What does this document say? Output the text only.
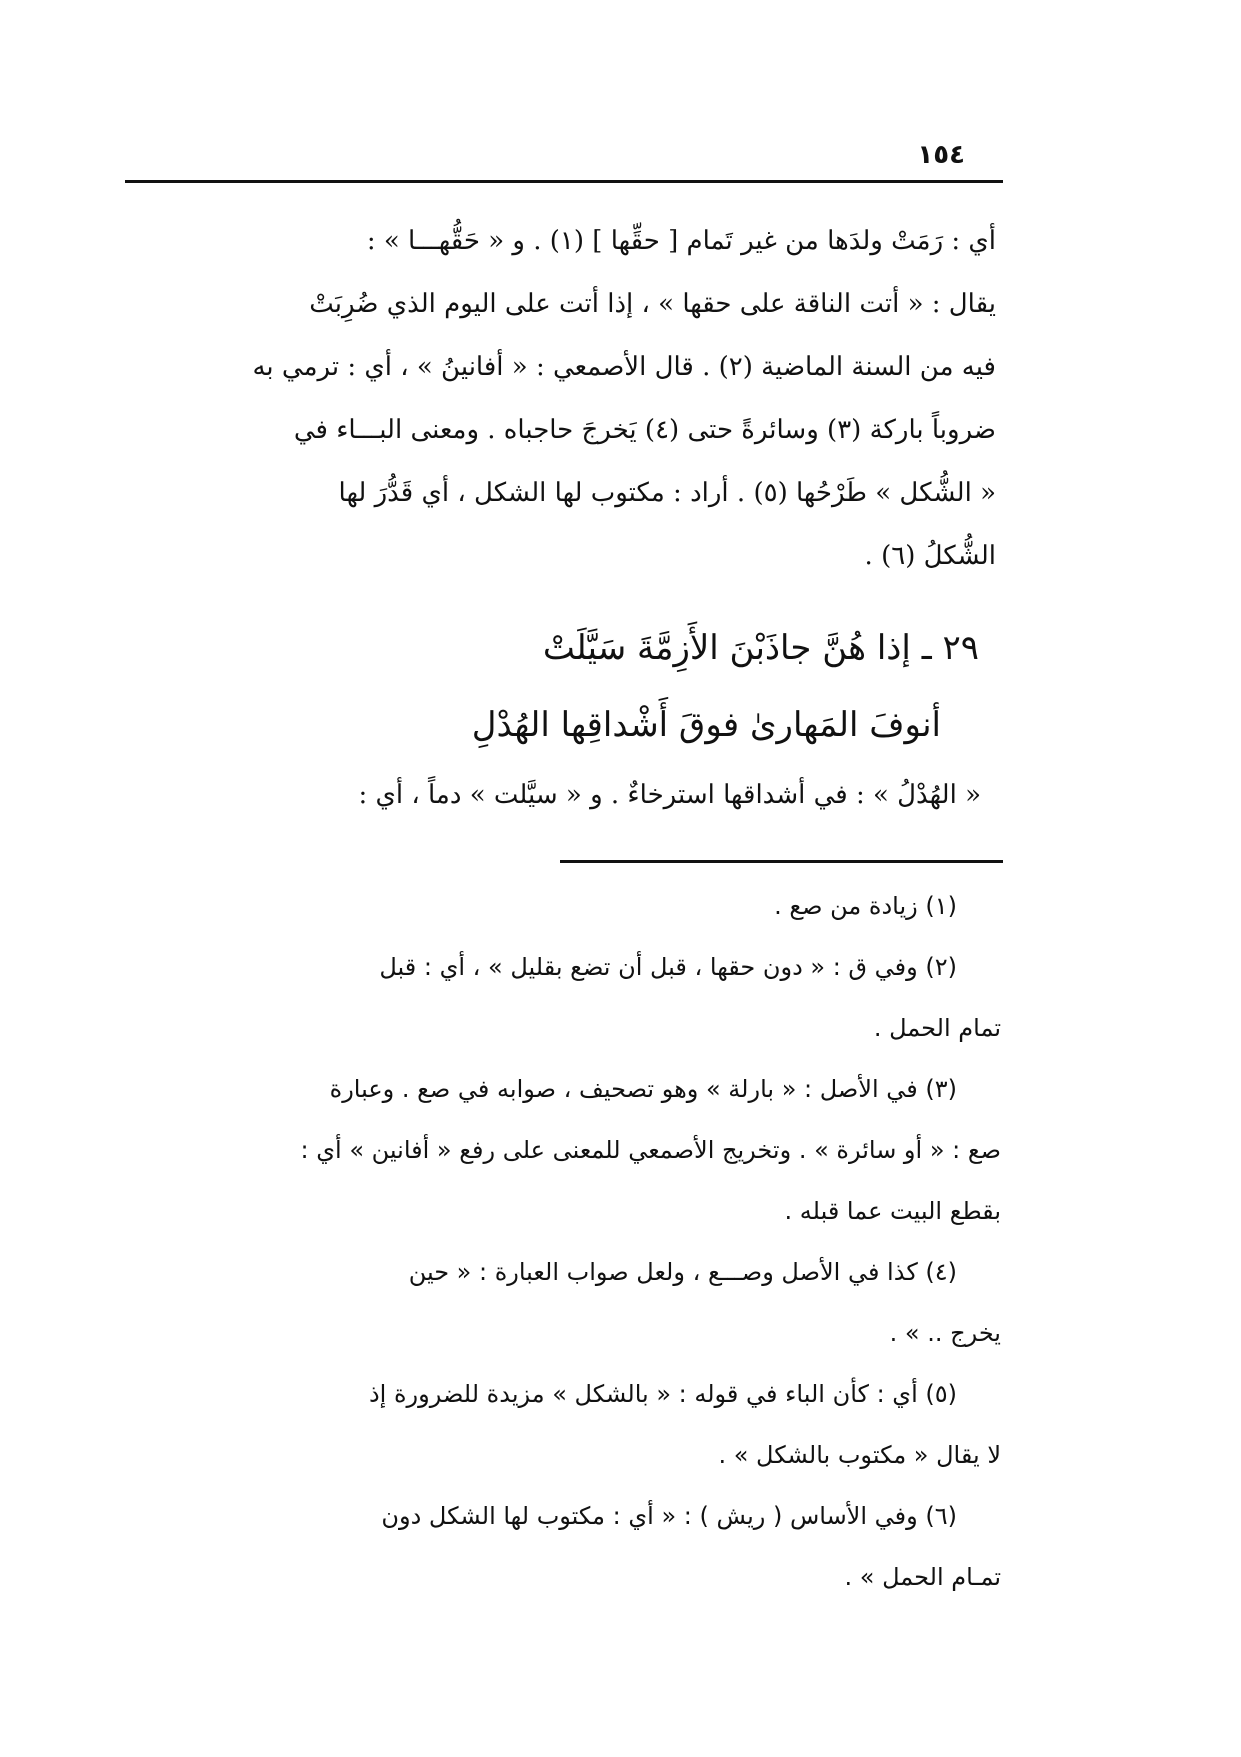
١٥٤
أي : رَمَتْ ولدَها من غير تَمام [ حقِّها ] (١) . و « حَقُّهـــا » :
يقال : « أتت الناقة على حقها » ، إذا أتت على اليوم الذي ضُرِبَتْ
فيه من السنة الماضية (٢) . قال الأصمعي : « أفانينُ » ، أي : ترمي به
ضروباً باركة (٣) وسائرةً حتى (٤) يَخرجَ حاجباه . ومعنى البـــاء في
« الشُّكل » طَرْحُها (٥) . أراد : مكتوب لها الشكل ، أي قَدُّرَ لها
الشُّكلُ (٦) .
٢٩ ـ إذا هُنَّ جاذَبْنَ الأَزِمَّةَ سَيَّلَتْ
أنوفَ المَهارىٰ فوقَ أَشْداقِها الهُدْلِ
« الهُدْلُ » : في أشداقها استرخاءٌ . و « سيَّلت » دماً ، أي :
(١) زيادة من صع .
(٢) وفي ق : « دون حقها ، قبل أن تضع بقليل » ، أي : قبل
تمام الحمل .
(٣) في الأصل : « بارلة » وهو تصحيف ، صوابه في صع . وعبارة
صع : « أو سائرة » . وتخريج الأصمعي للمعنى على رفع « أفانين » أي :
بقطع البيت عما قبله .
(٤) كذا في الأصل وصـــع ، ولعل صواب العبارة : « حين
يخرج .. » .
(٥) أي : كأن الباء في قوله : « بالشكل » مزيدة للضرورة إذ
لا يقال « مكتوب بالشكل » .
(٦) وفي الأساس ( ريش ) : « أي : مكتوب لها الشكل دون
تمـام الحمل » .
